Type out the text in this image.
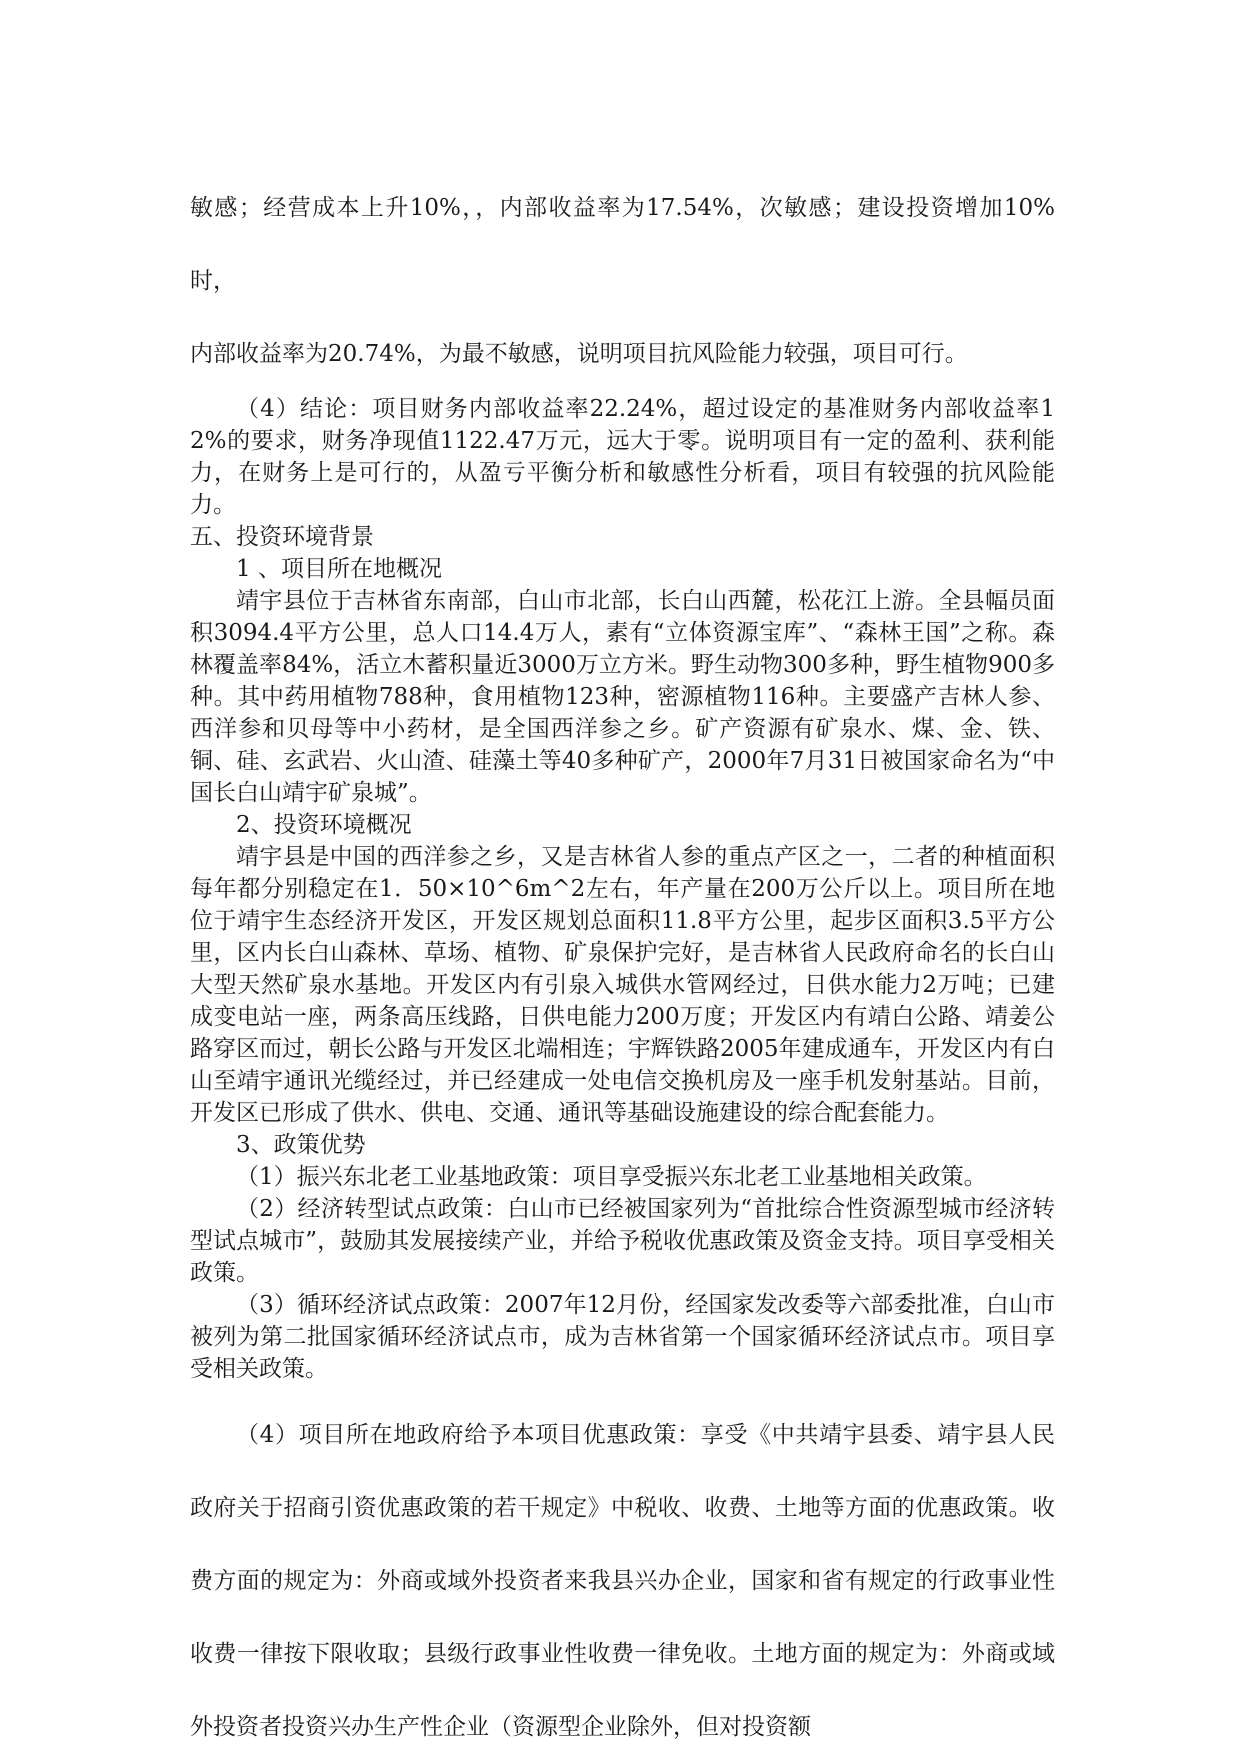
敏感；经营成本上升10%，，内部收益率为17.54%，次敏感；建设投资增加10%时，

内部收益率为20.74%，为最不敏感，说明项目抗风险能力较强，项目可行。

（4）结论：项目财务内部收益率22.24%，超过设定的基准财务内部收益率12%的要求，财务净现值1122.47万元，远大于零。说明项目有一定的盈利、获利能力，在财务上是可行的，从盈亏平衡分析和敏感性分析看，项目有较强的抗风险能力。

五、投资环境背景

1 、项目所在地概况

靖宇县位于吉林省东南部，白山市北部，长白山西麓，松花江上游。全县幅员面积3094.4平方公里，总人口14.4万人，素有“立体资源宝库”、“森林王国”之称。森林覆盖率84%，活立木蓄积量近3000万立方米。野生动物300多种，野生植物900多种。其中药用植物788种，食用植物123种，密源植物116种。主要盛产吉林人参、西洋参和贝母等中小药材，是全国西洋参之乡。矿产资源有矿泉水、煤、金、铁、铜、硅、玄武岩、火山渣、硅藻土等40多种矿产，2000年7月31日被国家命名为“中国长白山靖宇矿泉城”。

2、投资环境概况

靖宇县是中国的西洋参之乡，又是吉林省人参的重点产区之一，二者的种植面积每年都分别稳定在1．50×10^6m^2左右，年产量在200万公斤以上。项目所在地位于靖宇生态经济开发区，开发区规划总面积11.8平方公里，起步区面积3.5平方公里，区内长白山森林、草场、植物、矿泉保护完好，是吉林省人民政府命名的长白山大型天然矿泉水基地。开发区内有引泉入城供水管网经过，日供水能力2万吨；已建成变电站一座，两条高压线路，日供电能力200万度；开发区内有靖白公路、靖姜公路穿区而过，朝长公路与开发区北端相连；宇辉铁路2005年建成通车，开发区内有白山至靖宇通讯光缆经过，并已经建成一处电信交换机房及一座手机发射基站。目前，开发区已形成了供水、供电、交通、通讯等基础设施建设的综合配套能力。

3、政策优势

（1）振兴东北老工业基地政策：项目享受振兴东北老工业基地相关政策。

（2）经济转型试点政策：白山市已经被国家列为“首批综合性资源型城市经济转型试点城市”，鼓励其发展接续产业，并给予税收优惠政策及资金支持。项目享受相关政策。

（3）循环经济试点政策：2007年12月份，经国家发改委等六部委批准，白山市被列为第二批国家循环经济试点市，成为吉林省第一个国家循环经济试点市。项目享受相关政策。

（4）项目所在地政府给予本项目优惠政策：享受《中共靖宇县委、靖宇县人民政府关于招商引资优惠政策的若干规定》中税收、收费、土地等方面的优惠政策。收费方面的规定为：外商或域外投资者来我县兴办企业，国家和省有规定的行政事业性收费一律按下限收取；县级行政事业性收费一律免收。土地方面的规定为：外商或域外投资者投资兴办生产性企业（资源型企业除外，但对投资额
